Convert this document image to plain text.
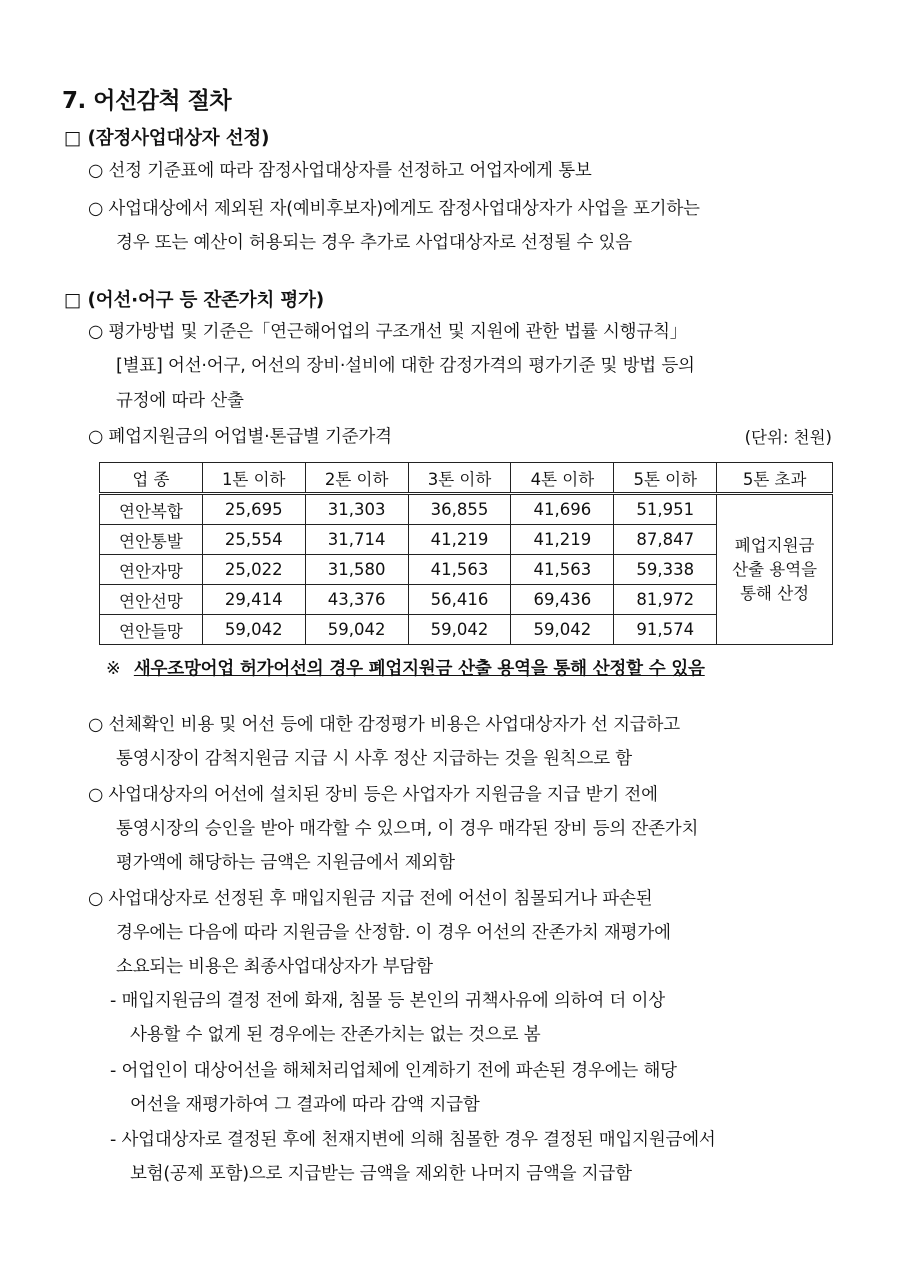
7. 어선감척 절차
□ (잠정사업대상자 선정)
○ 선정 기준표에 따라 잠정사업대상자를 선정하고 어업자에게 통보
○ 사업대상에서 제외된 자(예비후보자)에게도 잠정사업대상자가 사업을 포기하는
경우 또는 예산이 허용되는 경우 추가로 사업대상자로 선정될 수 있음
□ (어선·어구 등 잔존가치 평가)
○ 평가방법 및 기준은「연근해어업의 구조개선 및 지원에 관한 법률 시행규칙」
[별표] 어선·어구, 어선의 장비·설비에 대한 감정가격의 평가기준 및 방법 등의
규정에 따라 산출
○ 폐업지원금의 어업별·톤급별 기준가격	(단위: 천원)
업 종	1톤 이하	2톤 이하	3톤 이하	4톤 이하	5톤 이하	5톤 초과
연안복합	25,695	31,303	36,855	41,696	51,951	폐업지원금
산출 용역을
통해 산정

연안통발	25,554	31,714	41,219	41,219	87,847	
연안자망	25,022	31,580	41,563	41,563	59,338	
연안선망	29,414	43,376	56,416	69,436	81,972	
연안들망	59,042	59,042	59,042	59,042	91,574	
※ 새우조망어업 허가어선의 경우 폐업지원금 산출 용역을 통해 산정할 수 있음
○ 선체확인 비용 및 어선 등에 대한 감정평가 비용은 사업대상자가 선 지급하고
통영시장이 감척지원금 지급 시 사후 정산 지급하는 것을 원칙으로 함
○ 사업대상자의 어선에 설치된 장비 등은 사업자가 지원금을 지급 받기 전에
통영시장의 승인을 받아 매각할 수 있으며, 이 경우 매각된 장비 등의 잔존가치
평가액에 해당하는 금액은 지원금에서 제외함
○ 사업대상자로 선정된 후 매입지원금 지급 전에 어선이 침몰되거나 파손된
경우에는 다음에 따라 지원금을 산정함. 이 경우 어선의 잔존가치 재평가에
소요되는 비용은 최종사업대상자가 부담함
- 매입지원금의 결정 전에 화재, 침몰 등 본인의 귀책사유에 의하여 더 이상
사용할 수 없게 된 경우에는 잔존가치는 없는 것으로 봄
- 어업인이 대상어선을 해체처리업체에 인계하기 전에 파손된 경우에는 해당
어선을 재평가하여 그 결과에 따라 감액 지급함
- 사업대상자로 결정된 후에 천재지변에 의해 침몰한 경우 결정된 매입지원금에서
보험(공제 포함)으로 지급받는 금액을 제외한 나머지 금액을 지급함
